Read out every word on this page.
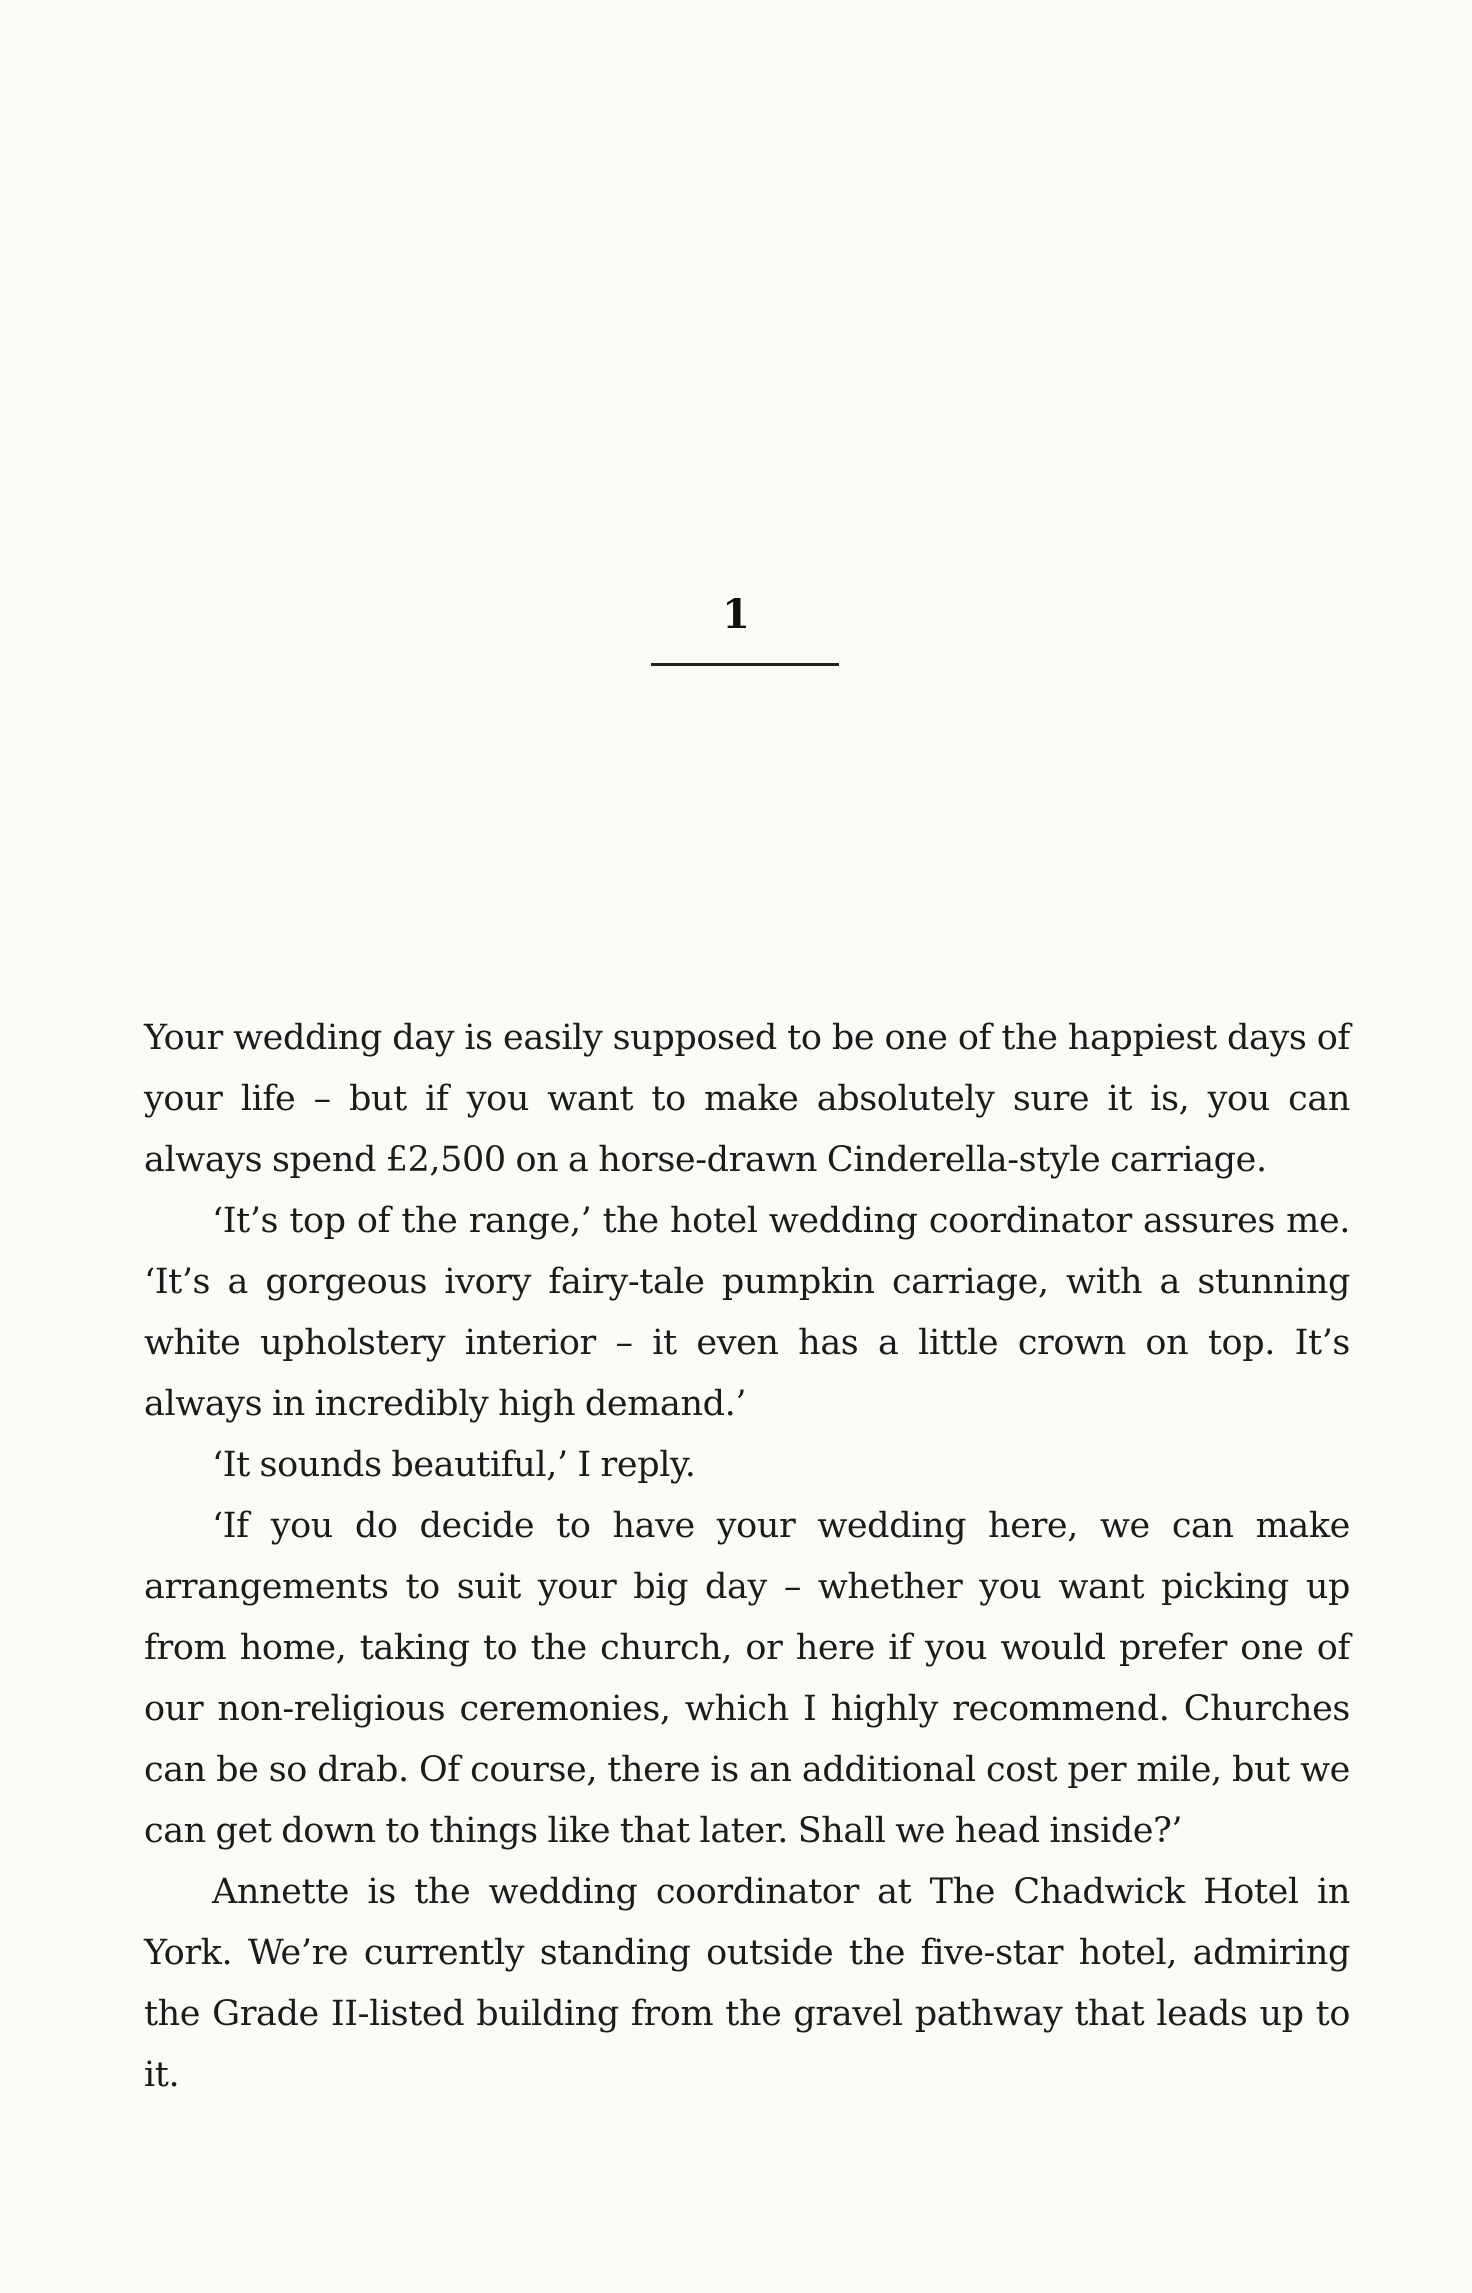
1

Your wedding day is easily supposed to be one of the happiest days of your life – but if you want to make absolutely sure it is, you can always spend £2,500 on a horse-drawn Cinderella-style carriage.

‘It’s top of the range,’ the hotel wedding coordinator assures me. ‘It’s a gorgeous ivory fairy-tale pumpkin carriage, with a stunning white upholstery interior – it even has a little crown on top. It’s always in incredibly high demand.’

‘It sounds beautiful,’ I reply.

‘If you do decide to have your wedding here, we can make arrangements to suit your big day – whether you want picking up from home, taking to the church, or here if you would prefer one of our non-religious ceremonies, which I highly recommend. Churches can be so drab. Of course, there is an additional cost per mile, but we can get down to things like that later. Shall we head inside?’

Annette is the wedding coordinator at The Chadwick Hotel in York. We’re currently standing outside the five-star hotel, admiring the Grade II-listed building from the gravel pathway that leads up to it.
